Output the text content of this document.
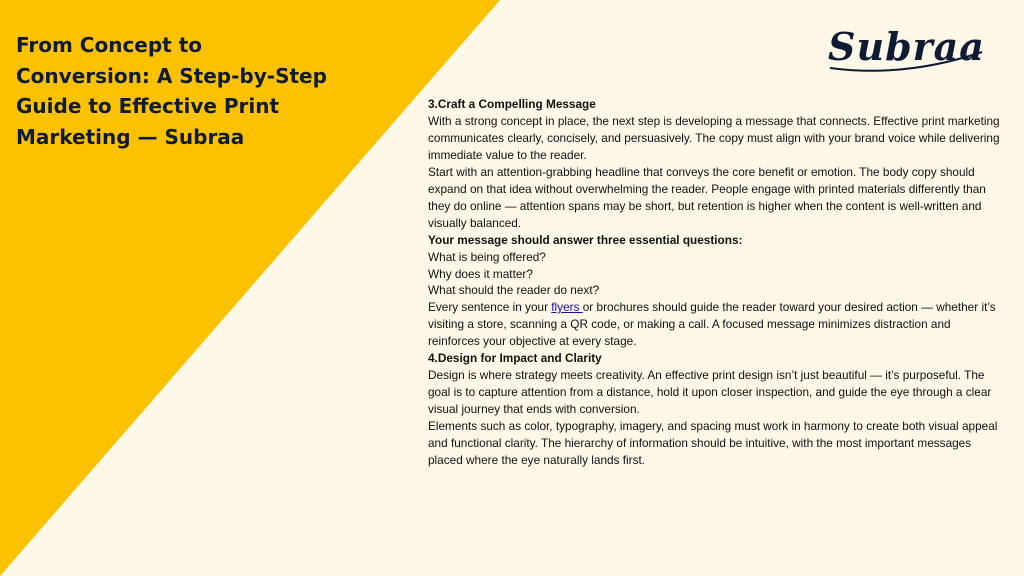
From Concept to
Conversion: A Step-by-Step
Guide to Effective Print
Marketing — Subraa
Subraa

3.Craft a Compelling Message

With a strong concept in place, the next step is developing a message that connects. Effective print marketing communicates clearly, concisely, and persuasively. The copy must align with your brand voice while delivering immediate value to the reader.

Start with an attention-grabbing headline that conveys the core benefit or emotion. The body copy should expand on that idea without overwhelming the reader. People engage with printed materials differently than they do online — attention spans may be short, but retention is higher when the content is well-written and visually balanced.

Your message should answer three essential questions:

What is being offered?

Why does it matter?

What should the reader do next?

Every sentence in your flyers or brochures should guide the reader toward your desired action — whether it’s visiting a store, scanning a QR code, or making a call. A focused message minimizes distraction and reinforces your objective at every stage.

4.Design for Impact and Clarity

Design is where strategy meets creativity. An effective print design isn’t just beautiful — it’s purposeful. The goal is to capture attention from a distance, hold it upon closer inspection, and guide the eye through a clear visual journey that ends with conversion.

Elements such as color, typography, imagery, and spacing must work in harmony to create both visual appeal and functional clarity. The hierarchy of information should be intuitive, with the most important messages placed where the eye naturally lands first.
